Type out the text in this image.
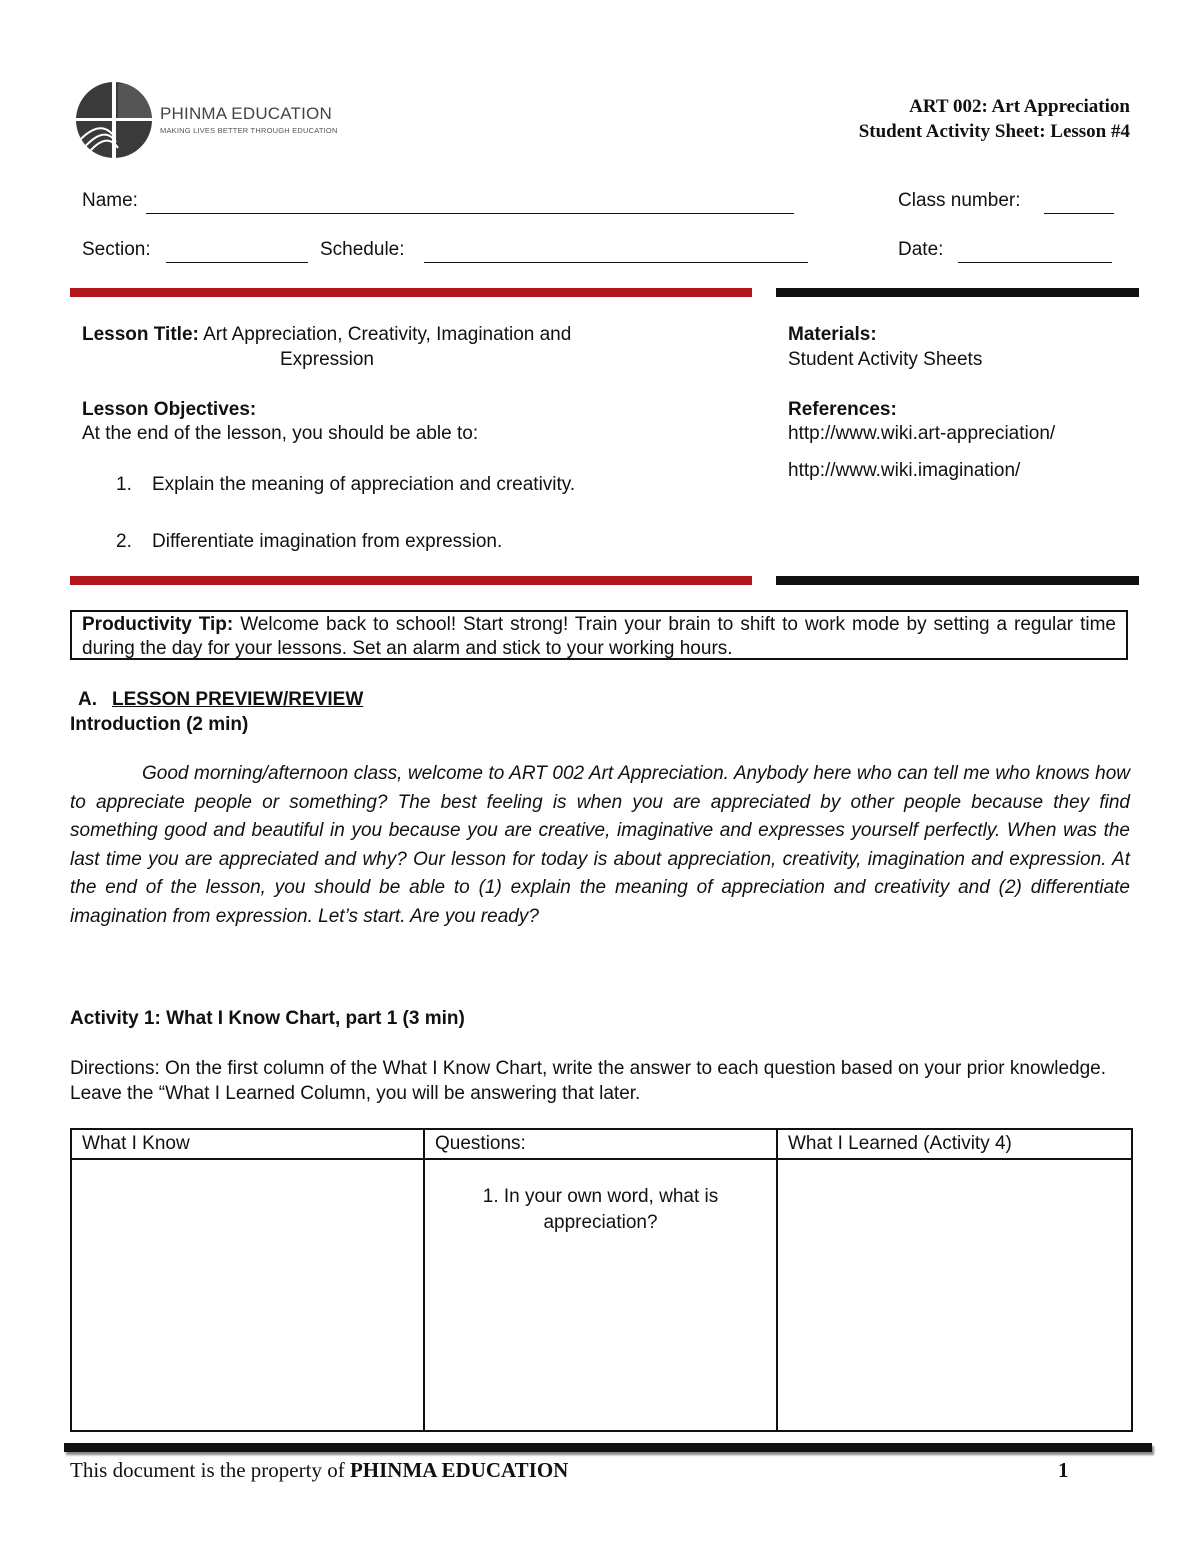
PHINMA EDUCATION
MAKING LIVES BETTER THROUGH EDUCATION
ART 002: Art Appreciation
Student Activity Sheet: Lesson #4
Name:	Class number:
Section:	Schedule:	Date:
Lesson Title: Art Appreciation, Creativity, Imagination and
Expression
Lesson Objectives:
At the end of the lesson, you should be able to:
1. Explain the meaning of appreciation and creativity.
2. Differentiate imagination from expression.
Materials:
Student Activity Sheets
References:
http://www.wiki.art-appreciation/
http://www.wiki.imagination/
Productivity Tip: Welcome back to school! Start strong! Train your brain to shift to work mode by setting a regular time during the day for your lessons. Set an alarm and stick to your working hours.
A. LESSON PREVIEW/REVIEW
Introduction (2 min)
Good morning/afternoon class, welcome to ART 002 Art Appreciation. Anybody here who can tell me who knows how to appreciate people or something? The best feeling is when you are appreciated by other people because they find something good and beautiful in you because you are creative, imaginative and expresses yourself perfectly. When was the last time you are appreciated and why? Our lesson for today is about appreciation, creativity, imagination and expression. At the end of the lesson, you should be able to (1) explain the meaning of appreciation and creativity and (2) differentiate imagination from expression. Let’s start. Are you ready?
Activity 1: What I Know Chart, part 1 (3 min)
Directions: On the first column of the What I Know Chart, write the answer to each question based on your prior knowledge. Leave the “What I Learned Column, you will be answering that later.
What I Know	Questions:	What I Learned (Activity 4)
	1. In your own word, what is appreciation?	
This document is the property of PHINMA EDUCATION	1
